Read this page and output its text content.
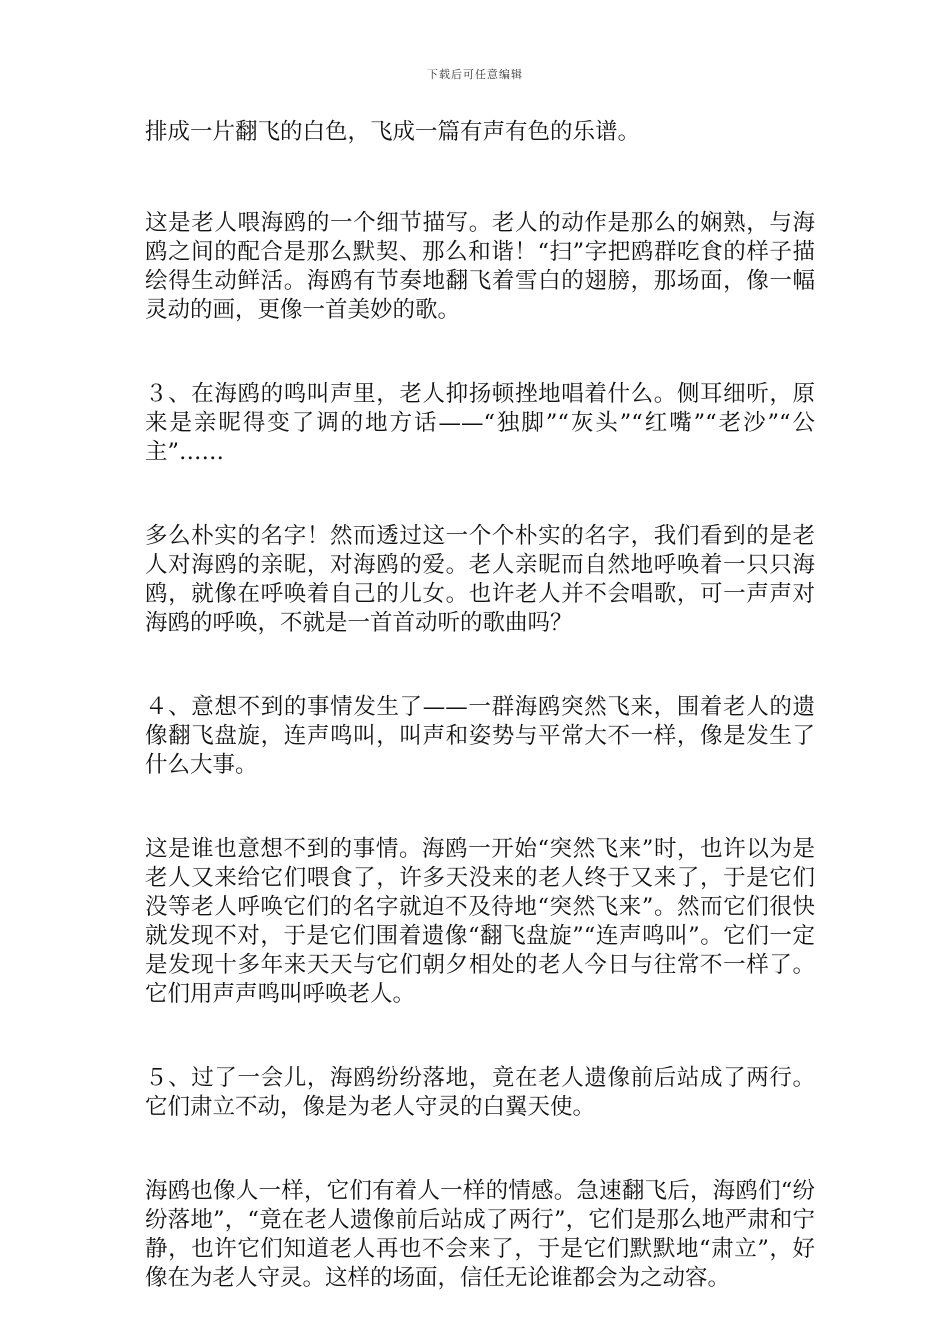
下载后可任意编辑

排成一片翻飞的白色，飞成一篇有声有色的乐谱。

这是老人喂海鸥的一个细节描写。老人的动作是那么的娴熟，与海鸥之间的配合是那么默契、那么和谐！“扫”字把鸥群吃食的样子描绘得生动鲜活。海鸥有节奏地翻飞着雪白的翅膀，那场面，像一幅灵动的画，更像一首美妙的歌。

３、在海鸥的鸣叫声里，老人抑扬顿挫地唱着什么。侧耳细听，原来是亲昵得变了调的地方话——“独脚”“灰头”“红嘴”“老沙”“公主”……

多么朴实的名字！然而透过这一个个朴实的名字，我们看到的是老人对海鸥的亲昵，对海鸥的爱。老人亲昵而自然地呼唤着一只只海鸥，就像在呼唤着自己的儿女。也许老人并不会唱歌，可一声声对海鸥的呼唤，不就是一首首动听的歌曲吗？

４、意想不到的事情发生了——一群海鸥突然飞来，围着老人的遗像翻飞盘旋，连声鸣叫，叫声和姿势与平常大不一样，像是发生了什么大事。

这是谁也意想不到的事情。海鸥一开始“突然飞来”时，也许以为是老人又来给它们喂食了，许多天没来的老人终于又来了，于是它们没等老人呼唤它们的名字就迫不及待地“突然飞来”。然而它们很快就发现不对，于是它们围着遗像“翻飞盘旋”“连声鸣叫”。它们一定是发现十多年来天天与它们朝夕相处的老人今日与往常不一样了。它们用声声鸣叫呼唤老人。

５、过了一会儿，海鸥纷纷落地，竟在老人遗像前后站成了两行。它们肃立不动，像是为老人守灵的白翼天使。

海鸥也像人一样，它们有着人一样的情感。急速翻飞后，海鸥们“纷纷落地”，“竟在老人遗像前后站成了两行”，它们是那么地严肃和宁静，也许它们知道老人再也不会来了，于是它们默默地“肃立”，好像在为老人守灵。这样的场面，信任无论谁都会为之动容。
